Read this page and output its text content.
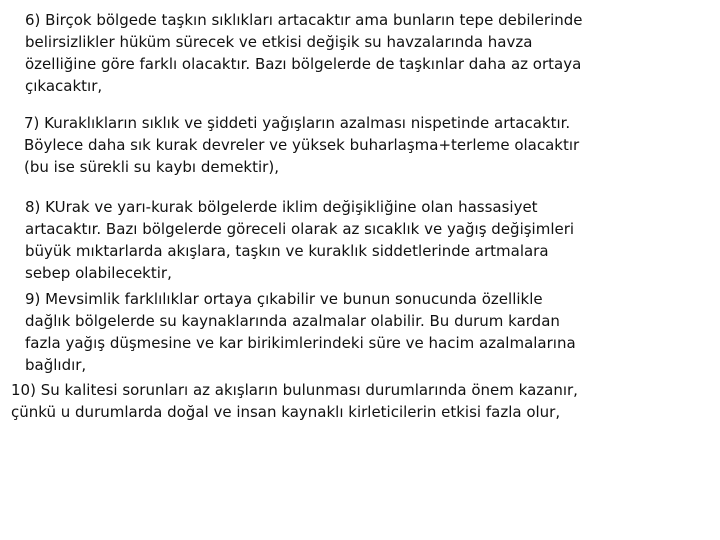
6) Birçok bölgede taşkın sıklıkları artacaktır ama bunların tepe debilerinde
belirsizlikler hüküm sürecek ve etkisi değişik su havzalarında havza
özelliğine göre farklı olacaktır. Bazı bölgelerde de taşkınlar daha az ortaya
çıkacaktır,

7) Kuraklıkların sıklık ve şiddeti yağışların azalması nispetinde artacaktır.
Böylece daha sık kurak devreler ve yüksek buharlaşma+terleme olacaktır
(bu ise sürekli su kaybı demektir),

8) KUrak ve yarı-kurak bölgelerde iklim değişikliğine olan hassasiyet
artacaktır. Bazı bölgelerde göreceli olarak az sıcaklık ve yağış değişimleri
büyük mıktarlarda akışlara, taşkın ve kuraklık siddetlerinde artmalara
sebep olabilecektir,

9) Mevsimlik farklılıklar ortaya çıkabilir ve bunun sonucunda özellikle
dağlık bölgelerde su kaynaklarında azalmalar olabilir. Bu durum kardan
fazla yağış düşmesine ve kar birikimlerindeki süre ve hacim azalmalarına
bağlıdır,

10) Su kalitesi sorunları az akışların bulunması durumlarında önem kazanır,
çünkü u durumlarda doğal ve insan kaynaklı kirleticilerin etkisi fazla olur,
